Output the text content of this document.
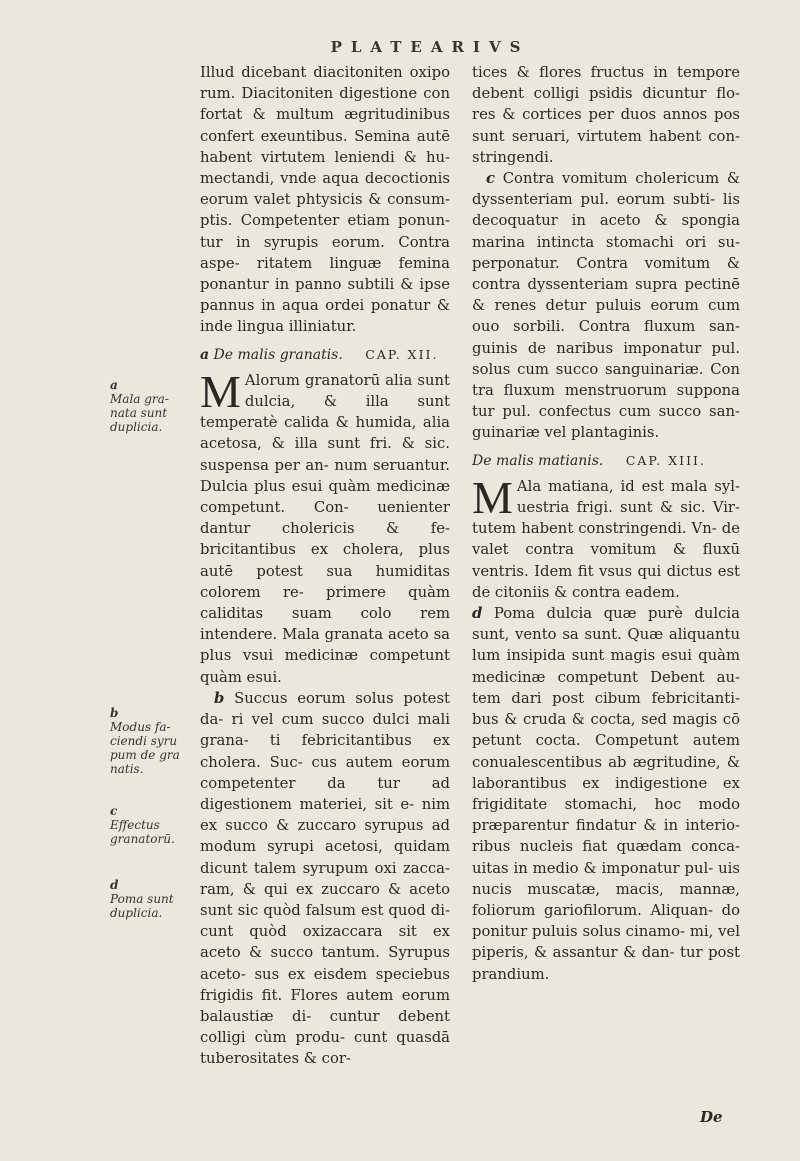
PLATEARIVS
a
Mala gra- nata sunt duplicia.
b
Modus fa- ciendi syru pum de gra natis.
c
Effectus granatorū.
d
Poma sunt duplicia.

Illud dicebant diacitoniten oxipo rum. Diacitoniten digestione con fortat & multum ægritudinibus confert exeuntibus. Semina autē habent virtutem leniendi & hu- mectandi, vnde aqua decoctionis eorum valet phtysicis & consum- ptis. Competenter etiam ponun- tur in syrupis eorum. Contra aspe- ritatem linguæ femina ponantur in panno subtili & ipse pannus in aqua ordei ponatur & inde lingua illiniatur.

a De malis granatis. CAP. XII.

M Alorum granatorū alia sunt dulcia, & illa sunt temperatè calida & humida, alia acetosa, & illa sunt fri. & sic. suspensa per an- num seruantur. Dulcia plus esui quàm medicinæ competunt. Con- uenienter dantur cholericis & fe- bricitantibus ex cholera, plus autē potest sua humiditas colorem re- primere quàm caliditas suam colo rem intendere. Mala granata aceto sa plus vsui medicinæ competunt quàm esui.

b Succus eorum solus potest da- ri vel cum succo dulci mali grana- ti febricitantibus ex cholera. Suc- cus autem eorum competenter da tur ad digestionem materiei, sit e- nim ex succo & zuccaro syrupus ad modum syrupi acetosi, quidam dicunt talem syrupum oxi zacca- ram, & qui ex zuccaro & aceto sunt sic quòd falsum est quod di- cunt quòd oxizaccara sit ex aceto & succo tantum. Syrupus aceto- sus ex eisdem speciebus frigidis fit. Flores autem eorum balaustiæ di- cuntur debent colligi cùm produ- cunt quasdā tuberositates & cor-

tices & flores fructus in tempore debent colligi psidis dicuntur flo- res & cortices per duos annos pos sunt seruari, virtutem habent con- stringendi.

c Contra vomitum cholericum & dyssenteriam pul. eorum subti- lis decoquatur in aceto & spongia marina intincta stomachi ori su- perponatur. Contra vomitum & contra dyssenteriam supra pectinē & renes detur puluis eorum cum ouo sorbili. Contra fluxum san- guinis de naribus imponatur pul. solus cum succo sanguinariæ. Con tra fluxum menstruorum suppona tur pul. confectus cum succo san- guinariæ vel plantaginis.

De malis matianis. CAP. XIII.

M Ala matiana, id est mala syl- uestria frigi. sunt & sic. Vir- tutem habent constringendi. Vn- de valet contra vomitum & fluxū ventris. Idem fit vsus qui dictus est de citoniis & contra eadem.

d Poma dulcia quæ purè dulcia sunt, vento sa sunt. Quæ aliquantu lum insipida sunt magis esui quàm medicinæ competunt Debent au- tem dari post cibum febricitanti- bus & cruda & cocta, sed magis cō petunt cocta. Competunt autem conualescentibus ab ægritudine, & laborantibus ex indigestione ex frigiditate stomachi, hoc modo præparentur findatur & in interio- ribus nucleis fiat quædam conca- uitas in medio & imponatur pul- uis nucis muscatæ, macis, mannæ, foliorum gariofilorum. Aliquan- do ponitur puluis solus cinamo- mi, vel piperis, & assantur & dan- tur post prandium.

De
